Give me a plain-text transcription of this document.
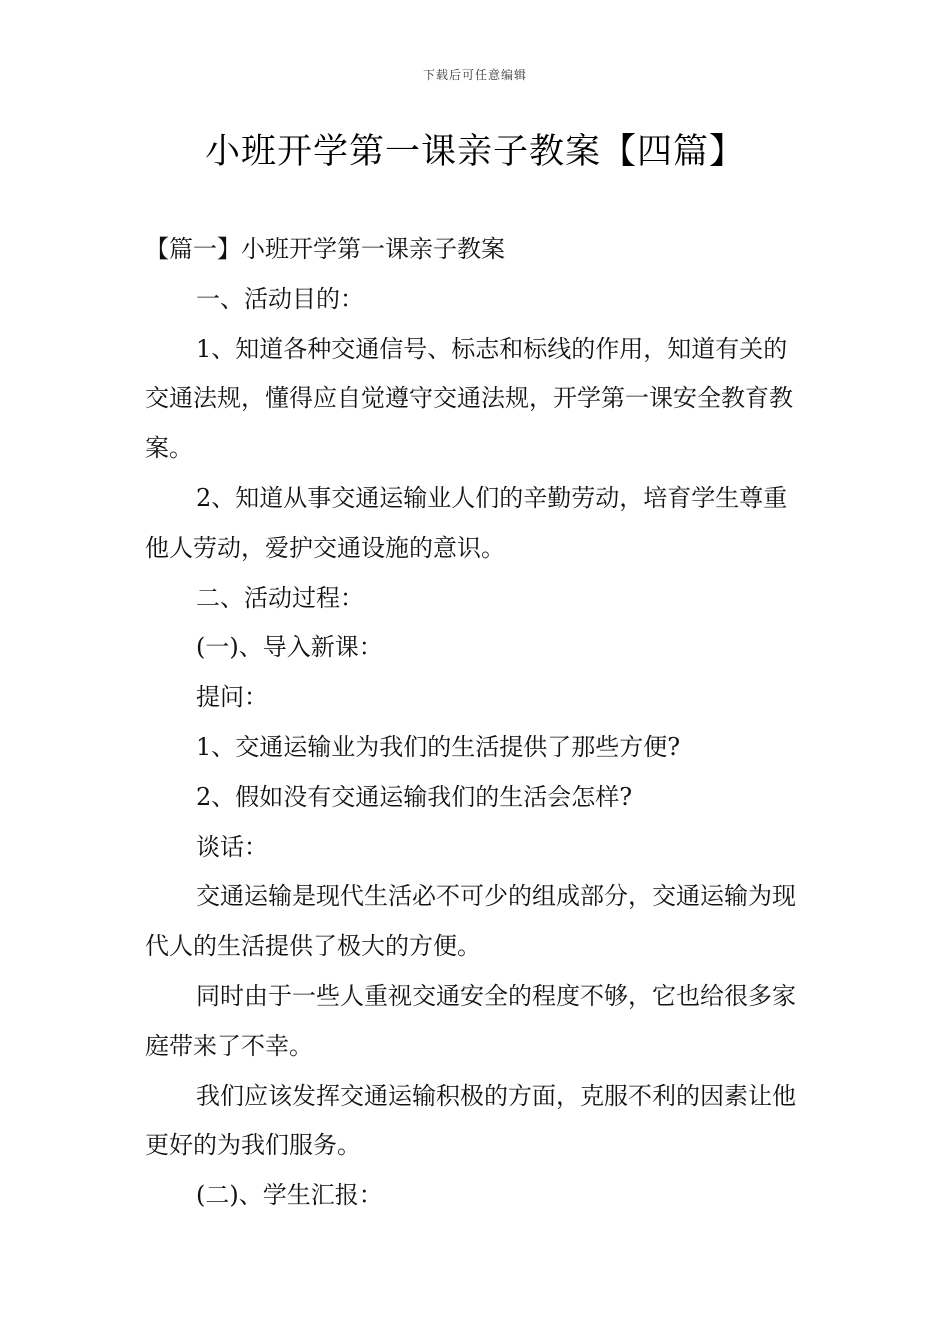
下载后可任意编辑
小班开学第一课亲子教案【四篇】

【篇一】小班开学第一课亲子教案

一、活动目的：

1、知道各种交通信号、标志和标线的作用，知道有关的交通法规，懂得应自觉遵守交通法规，开学第一课安全教育教案。

2、知道从事交通运输业人们的辛勤劳动，培育学生尊重他人劳动，爱护交通设施的意识。

二、活动过程：

(一)、导入新课：

提问：

1、交通运输业为我们的生活提供了那些方便?

2、假如没有交通运输我们的生活会怎样?

谈话：

交通运输是现代生活必不可少的组成部分，交通运输为现代人的生活提供了极大的方便。

同时由于一些人重视交通安全的程度不够，它也给很多家庭带来了不幸。

我们应该发挥交通运输积极的方面，克服不利的因素让他更好的为我们服务。

(二)、学生汇报：
